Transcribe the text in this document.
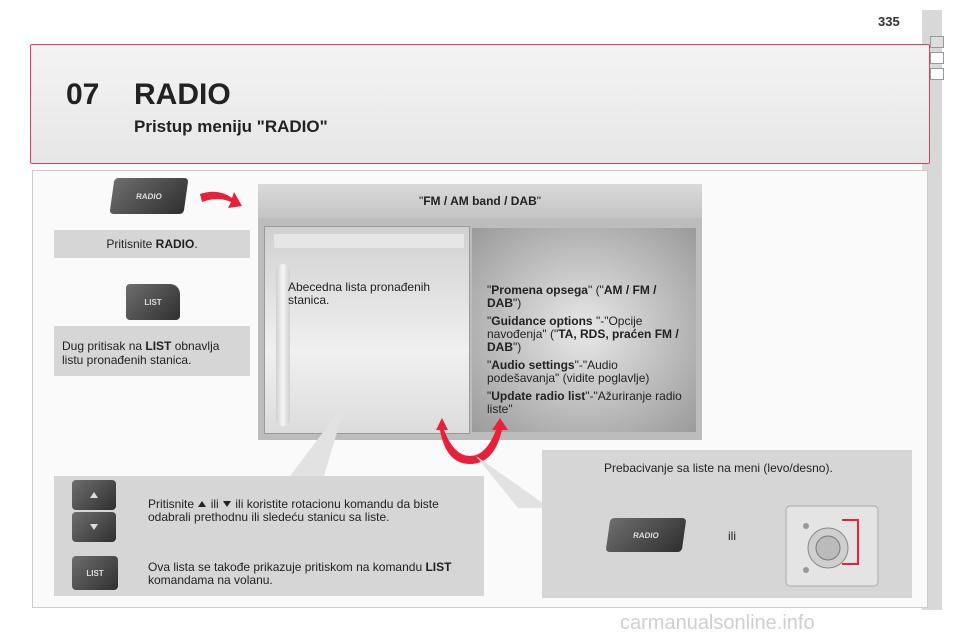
335
07 RADIO
Pristup meniju "RADIO"
RADIO
Pritisnite RADIO.
LIST
Dug pritisak na LIST obnavlja listu pronađenih stanica.
"FM / AM band / DAB"
Abecedna lista pronađenih stanica.

"Promena opsega" ("AM / FM / DAB")

"Guidance options "-"Opcije navođenja" ("TA, RDS, praćen FM / DAB")

"Audio settings"-"Audio podešavanja" (vidite poglavlje)

"Update radio list"-"Ažuriranje radio liste"

LIST
Pritisnite  ili  ili koristite rotacionu komandu da biste odabrali prethodnu ili sledeću stanicu sa liste.
Ova lista se takođe prikazuje pritiskom na komandu LIST komandama na volanu.
Prebacivanje sa liste na meni (levo/desno).
RADIO	ili
carmanualsonline.info
